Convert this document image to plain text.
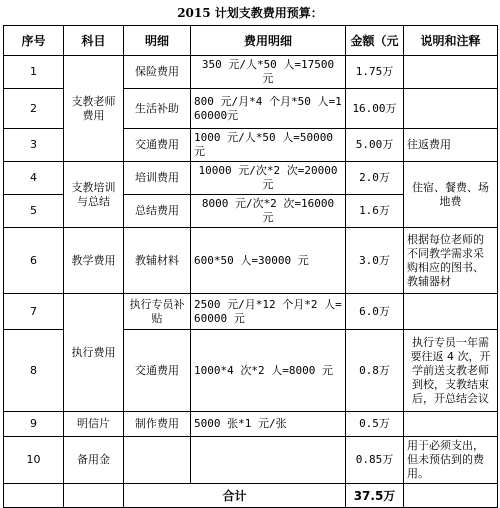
2015 计划支教费用预算：
序号	科目	明细	费用明细	金额（元	说明和注释
1	支教老师费用	保险费用	350 元/人*50 人=17500 元	1.75万	
2		生活补助	800 元/月*4 个月*50 人=160000元	16.00万	
3		交通费用	1000 元/人*50 人=50000元	5.00万	往返费用
4	支教培训与总结	培训费用	10000 元/次*2 次=20000 元	2.0万	住宿、餐费、场地费
5		总结费用	8000 元/次*2 次=16000 元	1.6万	
6	教学费用	教辅材料	600*50 人=30000 元	3.0万	根据每位老师的不同教学需求采购相应的图书、教辅器材
7	执行费用	执行专员补贴	2500 元/月*12 个月*2 人=60000 元	6.0万	
8		交通费用	1000*4 次*2 人=8000 元	0.8万	执行专员一年需要往返 4 次，开学前送支教老师到校，支教结束后，开总结会议
9	明信片	制作费用	5000 张*1 元/张	0.5万	
10	备用金			0.85万	用于必须支出，但未预估到的费用。
		合计		37.5万	
